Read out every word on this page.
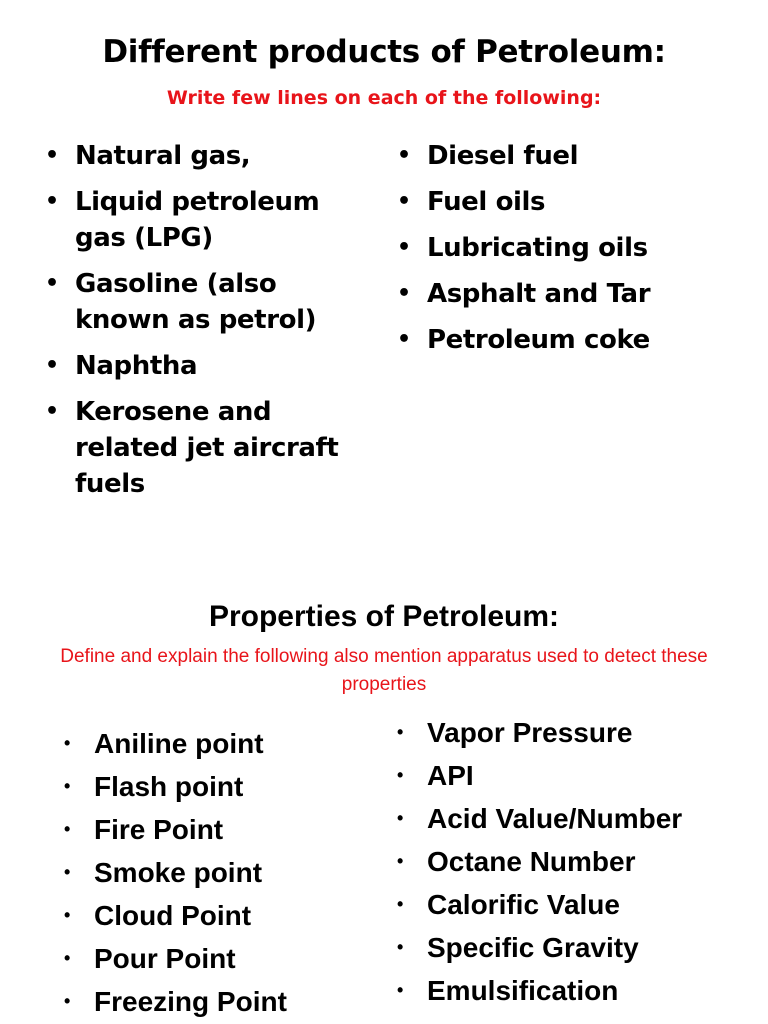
Different products of Petroleum:
Write few lines on each of the following:
• Natural gas,
• Liquid petroleum gas (LPG)
• Gasoline (also known as petrol)
• Naphtha
• Kerosene and related jet aircraft fuels
• Diesel fuel
• Fuel oils
• Lubricating oils
• Asphalt and Tar
• Petroleum coke
Properties of Petroleum:
Define and explain the following also mention apparatus used to detect these properties
• Aniline point
• Flash point
• Fire Point
• Smoke point
• Cloud Point
• Pour Point
• Freezing Point
• Vapor Pressure
• API
• Acid Value/Number
• Octane Number
• Calorific Value
• Specific Gravity
• Emulsification
